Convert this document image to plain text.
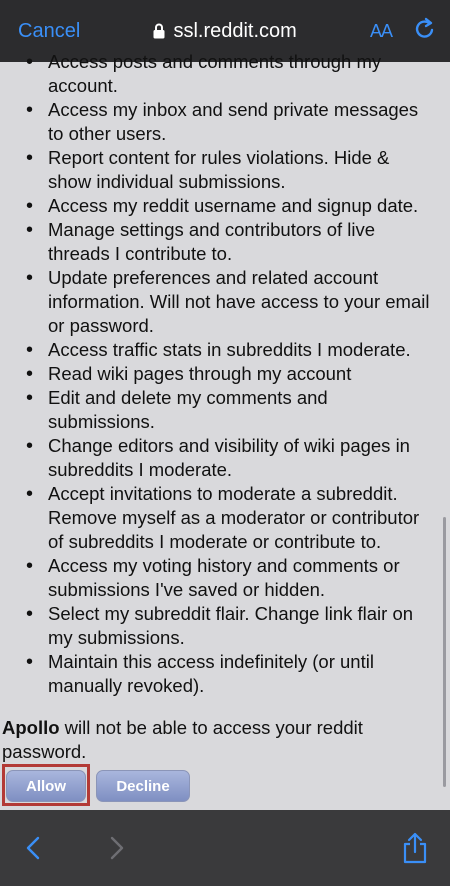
Cancel	ssl.reddit.com	AA
• Access posts and comments through my account.
• Access my inbox and send private messages to other users.
• Report content for rules violations. Hide & show individual submissions.
• Access my reddit username and signup date.
• Manage settings and contributors of live threads I contribute to.
• Update preferences and related account information. Will not have access to your email or password.
• Access traffic stats in subreddits I moderate.
• Read wiki pages through my account
• Edit and delete my comments and submissions.
• Change editors and visibility of wiki pages in subreddits I moderate.
• Accept invitations to moderate a subreddit. Remove myself as a moderator or contributor of subreddits I moderate or contribute to.
• Access my voting history and comments or submissions I've saved or hidden.
• Select my subreddit flair. Change link flair on my submissions.
• Maintain this access indefinitely (or until manually revoked).
Apollo will not be able to access your reddit password.
Allow	Decline
